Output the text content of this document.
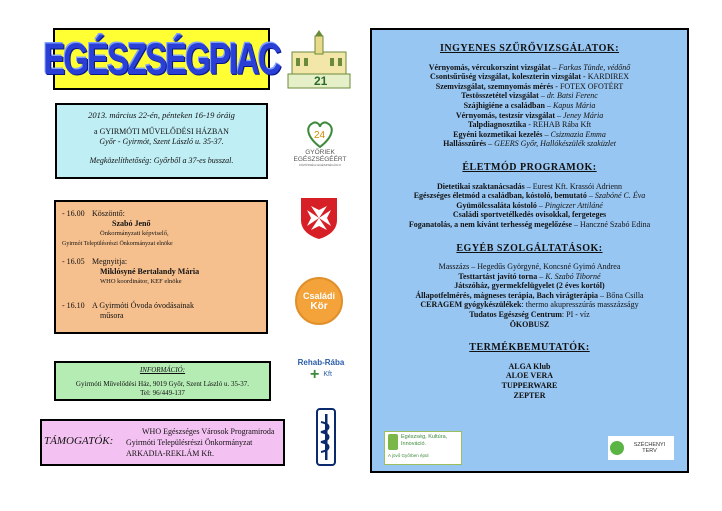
EGÉSZSÉGPIAC	21
2013. március 22-én, pénteken 16-19 óráig
a GYIRMÓTI MŰVELŐDÉSI HÁZBAN
Győr - Gyirmót, Szent László u. 35-37.
Megközelíthetőség: Győrből a 37-es busszal.
24
GYŐRIEK
EGÉSZSÉGÉÉRT
KÖZÖSSÉGI EGÉSZSÉGÜGYI
- 16.00 Köszöntő:
Szabó Jenő
Önkormányzati képviselő,
Gyirmót Településrészi Önkormányzat elnöke
- 16.05 Megnyitja:
Miklósyné Bertalandy Mária
WHO koordinátor, KEF elnöke
- 16.10 A Gyirmóti Óvoda óvodásainak
műsora
Családi
Kör
INFORMÁCIÓ:
Gyirmóti Művelődési Ház, 9019 Győr, Szent László u. 35-37.
Tel: 96/449-137
Rehab-Rába
+ Kft
WHO Egészséges Városok Programiroda
TÁMOGATÓK: Gyirmóti Településrészi Önkormányzat
ARKADIA-REKLÁM Kft.
INGYENES SZŰRŐVIZSGÁLATOK:
Vérnyomás, vércukorszint vizsgálat – Farkas Tünde, védőnő
Csontsűrűség vizsgálat, koleszterin vizsgálat - KARDIREX
Szemvizsgálat, szemnyomás mérés - FOTEX OFOTÉRT
Testösszetétel vizsgálat – dr. Batsi Ferenc
Szájhigiéne a családban – Kapus Mária
Vérnyomás, testzsír vizsgálat – Jeney Mária
Talpdiagnosztika - REHAB Rába Kft
Egyéni kozmetikai kezelés – Csizmazia Emma
Hallásszűrés – GEERS Győr, Hallókészülék szaküzlet
ÉLETMÓD PROGRAMOK:
Dietetikai szaktanácsadás – Eurest Kft. Krassói Adrienn
Egészséges életmód a családban, kóstoló, bemutató – Szabóné C. Éva
Gyümölcssaláta kóstoló – Pingiczer Attiláné
Családi sportvetélkedés ovisokkal, fergeteges
Foganatolás, a nem kívánt terhesség megelőzése – Hanczné Szabó Edina
EGYÉB SZOLGÁLTATÁSOK:
Masszázs – Hegedűs Györgyné, Koncsné Gyimó Andrea
Testtartást javító torna – K. Szabó Tiborné
Játszóház, gyermekfelügyelet (2 éves kortól)
Állapotfelmérés, mágneses terápia, Bach virágterápia – Bőna Csilla
CERAGEM gyógykészülékek: thermo akupresszúrás masszázságy
Tudatos Egészség Centrum: PI - víz
ÖKOBUSZ
TERMÉKBEMUTATÓK:
ALGA Klub
ALOE VERA
TUPPERWARE
ZEPTER
Egészség, Kultúra, Innováció.
A jövő Győrben épül
SZÉCHENYI TERV
